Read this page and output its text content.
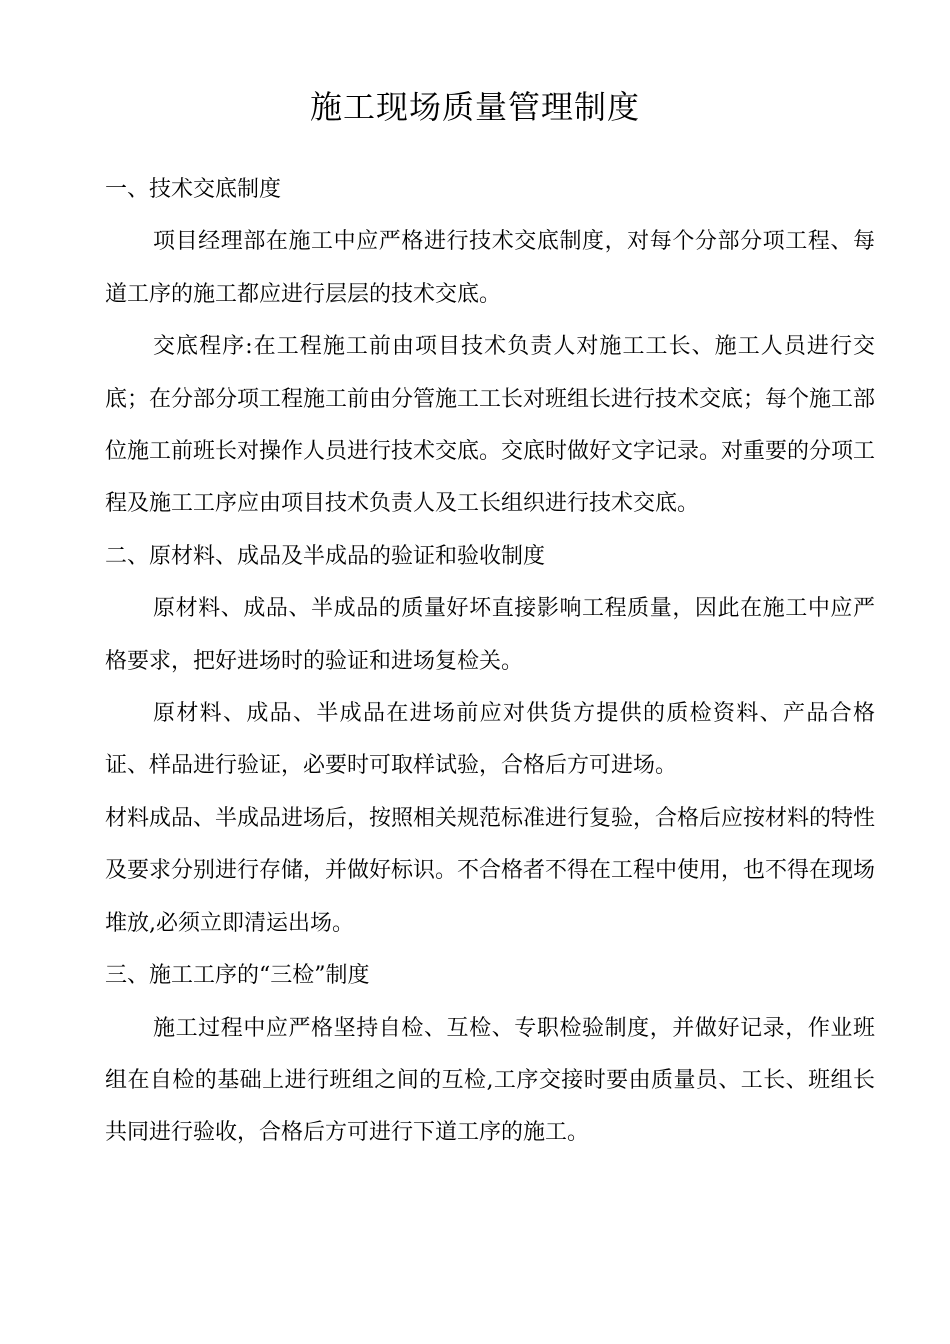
施工现场质量管理制度
一、技术交底制度

项目经理部在施工中应严格进行技术交底制度，对每个分部分项工程、每道工序的施工都应进行层层的技术交底。

交底程序:在工程施工前由项目技术负责人对施工工长、施工人员进行交底；在分部分项工程施工前由分管施工工长对班组长进行技术交底；每个施工部位施工前班长对操作人员进行技术交底。交底时做好文字记录。对重要的分项工程及施工工序应由项目技术负责人及工长组织进行技术交底。

二、原材料、成品及半成品的验证和验收制度

原材料、成品、半成品的质量好坏直接影响工程质量，因此在施工中应严格要求，把好进场时的验证和进场复检关。

原材料、成品、半成品在进场前应对供货方提供的质检资料、产品合格证、样品进行验证，必要时可取样试验，合格后方可进场。

材料成品、半成品进场后，按照相关规范标准进行复验，合格后应按材料的特性及要求分别进行存储，并做好标识。不合格者不得在工程中使用，也不得在现场堆放,必须立即清运出场。

三、施工工序的“三检”制度

施工过程中应严格坚持自检、互检、专职检验制度，并做好记录，作业班组在自检的基础上进行班组之间的互检,工序交接时要由质量员、工长、班组长共同进行验收，合格后方可进行下道工序的施工。
